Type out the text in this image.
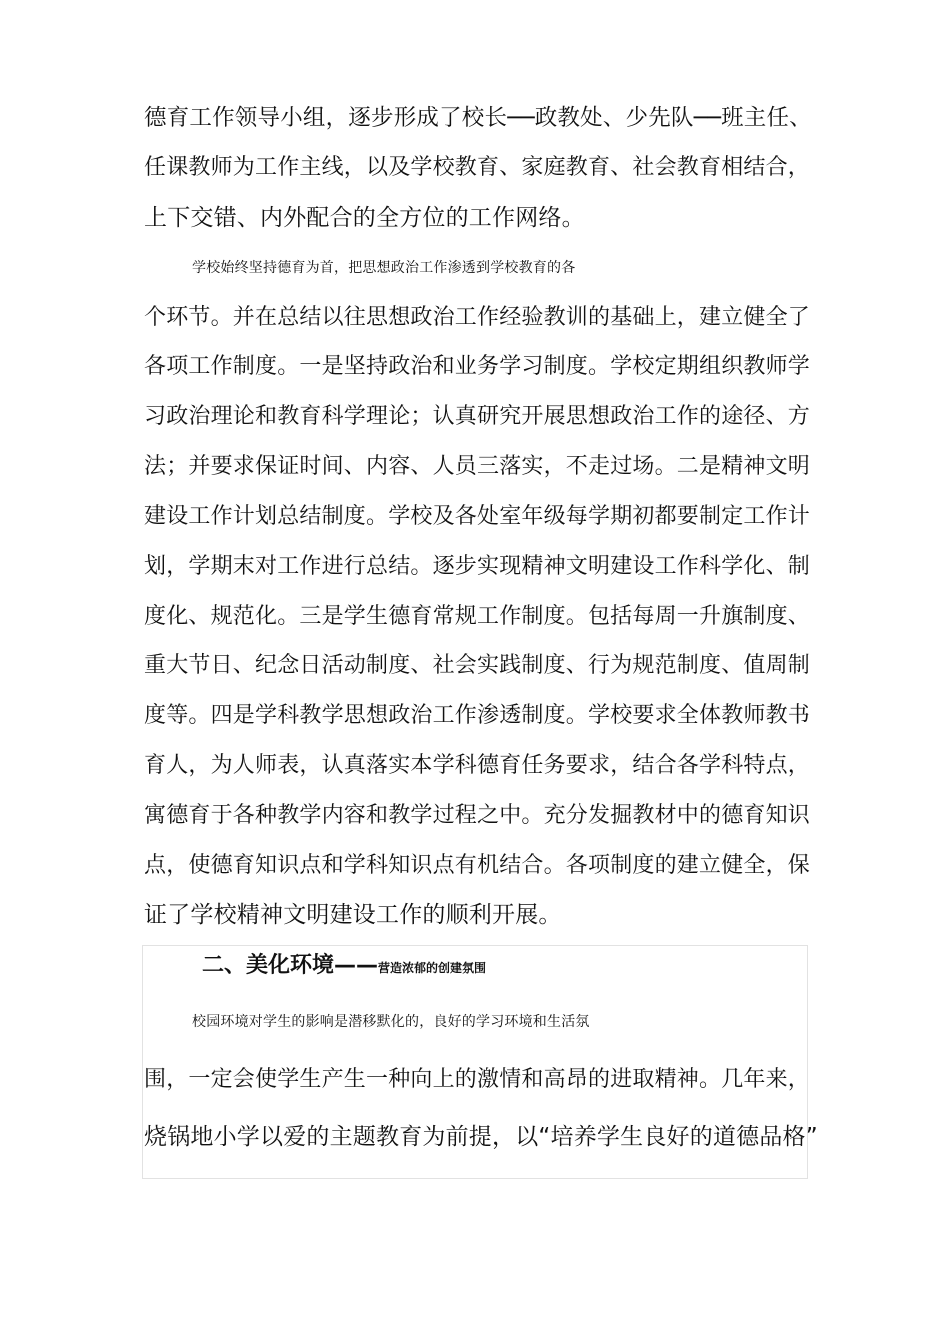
德育工作领导小组，逐步形成了校长──政教处、少先队──班主任、
任课教师为工作主线，以及学校教育、家庭教育、社会教育相结合，
上下交错、内外配合的全方位的工作网络。
学校始终坚持德育为首，把思想政治工作渗透到学校教育的各
个环节。并在总结以往思想政治工作经验教训的基础上，建立健全了
各项工作制度。一是坚持政治和业务学习制度。学校定期组织教师学
习政治理论和教育科学理论；认真研究开展思想政治工作的途径、方
法；并要求保证时间、内容、人员三落实，不走过场。二是精神文明
建设工作计划总结制度。学校及各处室年级每学期初都要制定工作计
划，学期末对工作进行总结。逐步实现精神文明建设工作科学化、制
度化、规范化。三是学生德育常规工作制度。包括每周一升旗制度、
重大节日、纪念日活动制度、社会实践制度、行为规范制度、值周制
度等。四是学科教学思想政治工作渗透制度。学校要求全体教师教书
育人，为人师表，认真落实本学科德育任务要求，结合各学科特点，
寓德育于各种教学内容和教学过程之中。充分发掘教材中的德育知识
点，使德育知识点和学科知识点有机结合。各项制度的建立健全，保
证了学校精神文明建设工作的顺利开展。
二、美化环境——营造浓郁的创建氛围
校园环境对学生的影响是潜移默化的，良好的学习环境和生活氛
围，一定会使学生产生一种向上的激情和高昂的进取精神。几年来，
烧锅地小学以爱的主题教育为前提，以“培养学生良好的道德品格”
